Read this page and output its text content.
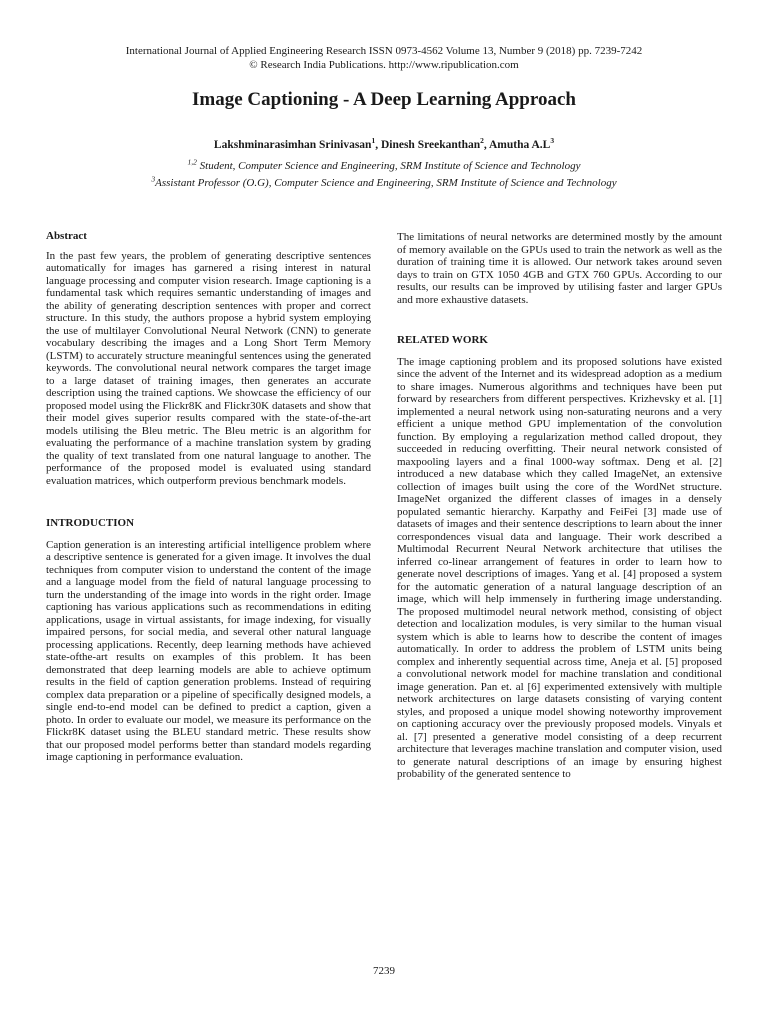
International Journal of Applied Engineering Research ISSN 0973-4562 Volume 13, Number 9 (2018) pp. 7239-7242
© Research India Publications. http://www.ripublication.com
Image Captioning - A Deep Learning Approach
Lakshminarasimhan Srinivasan$^1$, Dinesh Sreekanthan$^2$, Amutha $A.L^3$
$^{1,2}$ Student, Computer Science and Engineering, SRM Institute of Science and Technology
$^3$Assistant Professor (O.G), Computer Science and Engineering, SRM Institute of Science and Technology
Abstract

In the past few years, the problem of generating descriptive sentences automatically for images has garnered a rising interest in natural language processing and computer vision research. Image captioning is a fundamental task which requires semantic understanding of images and the ability of generating description sentences with proper and correct structure. In this study, the authors propose a hybrid system employing the use of multilayer Convolutional Neural Network (CNN) to generate vocabulary describing the images and a Long Short Term Memory (LSTM) to accurately structure meaningful sentences using the generated keywords. The convolutional neural network compares the target image to a large dataset of training images, then generates an accurate description using the trained captions. We showcase the efficiency of our proposed model using the Flickr8K and Flickr30K datasets and show that their model gives superior results compared with the state-of-the-art models utilising the Bleu metric. The Bleu metric is an algorithm for evaluating the performance of a machine translation system by grading the quality of text translated from one natural language to another. The performance of the proposed model is evaluated using standard evaluation matrices, which outperform previous benchmark models.

INTRODUCTION

Caption generation is an interesting artificial intelligence problem where a descriptive sentence is generated for a given image. It involves the dual techniques from computer vision to understand the content of the image and a language model from the field of natural language processing to turn the understanding of the image into words in the right order. Image captioning has various applications such as recommendations in editing applications, usage in virtual assistants, for image indexing, for visually impaired persons, for social media, and several other natural language processing applications. Recently, deep learning methods have achieved state-ofthe-art results on examples of this problem. It has been demonstrated that deep learning models are able to achieve optimum results in the field of caption generation problems. Instead of requiring complex data preparation or a pipeline of specifically designed models, a single end-to-end model can be defined to predict a caption, given a photo. In order to evaluate our model, we measure its performance on the Flickr8K dataset using the BLEU standard metric. These results show that our proposed model performs better than standard models regarding image captioning in performance evaluation.

The limitations of neural networks are determined mostly by the amount of memory available on the GPUs used to train the network as well as the duration of training time it is allowed. Our network takes around seven days to train on GTX 1050 4GB and GTX 760 GPUs. According to our results, our results can be improved by utilising faster and larger GPUs and more exhaustive datasets.

RELATED WORK

The image captioning problem and its proposed solutions have existed since the advent of the Internet and its widespread adoption as a medium to share images. Numerous algorithms and techniques have been put forward by researchers from different perspectives. Krizhevsky et al. [1] implemented a neural network using non-saturating neurons and a very efficient a unique method GPU implementation of the convolution function. By employing a regularization method called dropout, they succeeded in reducing overfitting. Their neural network consisted of maxpooling layers and a final 1000-way softmax. Deng et al. [2] introduced a new database which they called ImageNet, an extensive collection of images built using the core of the WordNet structure. ImageNet organized the different classes of images in a densely populated semantic hierarchy. Karpathy and FeiFei [3] made use of datasets of images and their sentence descriptions to learn about the inner correspondences visual data and language. Their work described a Multimodal Recurrent Neural Network architecture that utilises the inferred co-linear arrangement of features in order to learn how to generate novel descriptions of images. Yang et al. [4] proposed a system for the automatic generation of a natural language description of an image, which will help immensely in furthering image understanding. The proposed multimodel neural network method, consisting of object detection and localization modules, is very similar to the human visual system which is able to learns how to describe the content of images automatically. In order to address the problem of LSTM units being complex and inherently sequential across time, Aneja et al. [5] proposed a convolutional network model for machine translation and conditional image generation. Pan et. al [6] experimented extensively with multiple network architectures on large datasets consisting of varying content styles, and proposed a unique model showing noteworthy improvement on captioning accuracy over the previously proposed models. Vinyals et al. [7] presented a generative model consisting of a deep recurrent architecture that leverages machine translation and computer vision, used to generate natural descriptions of an image by ensuring highest probability of the generated sentence to

7239
